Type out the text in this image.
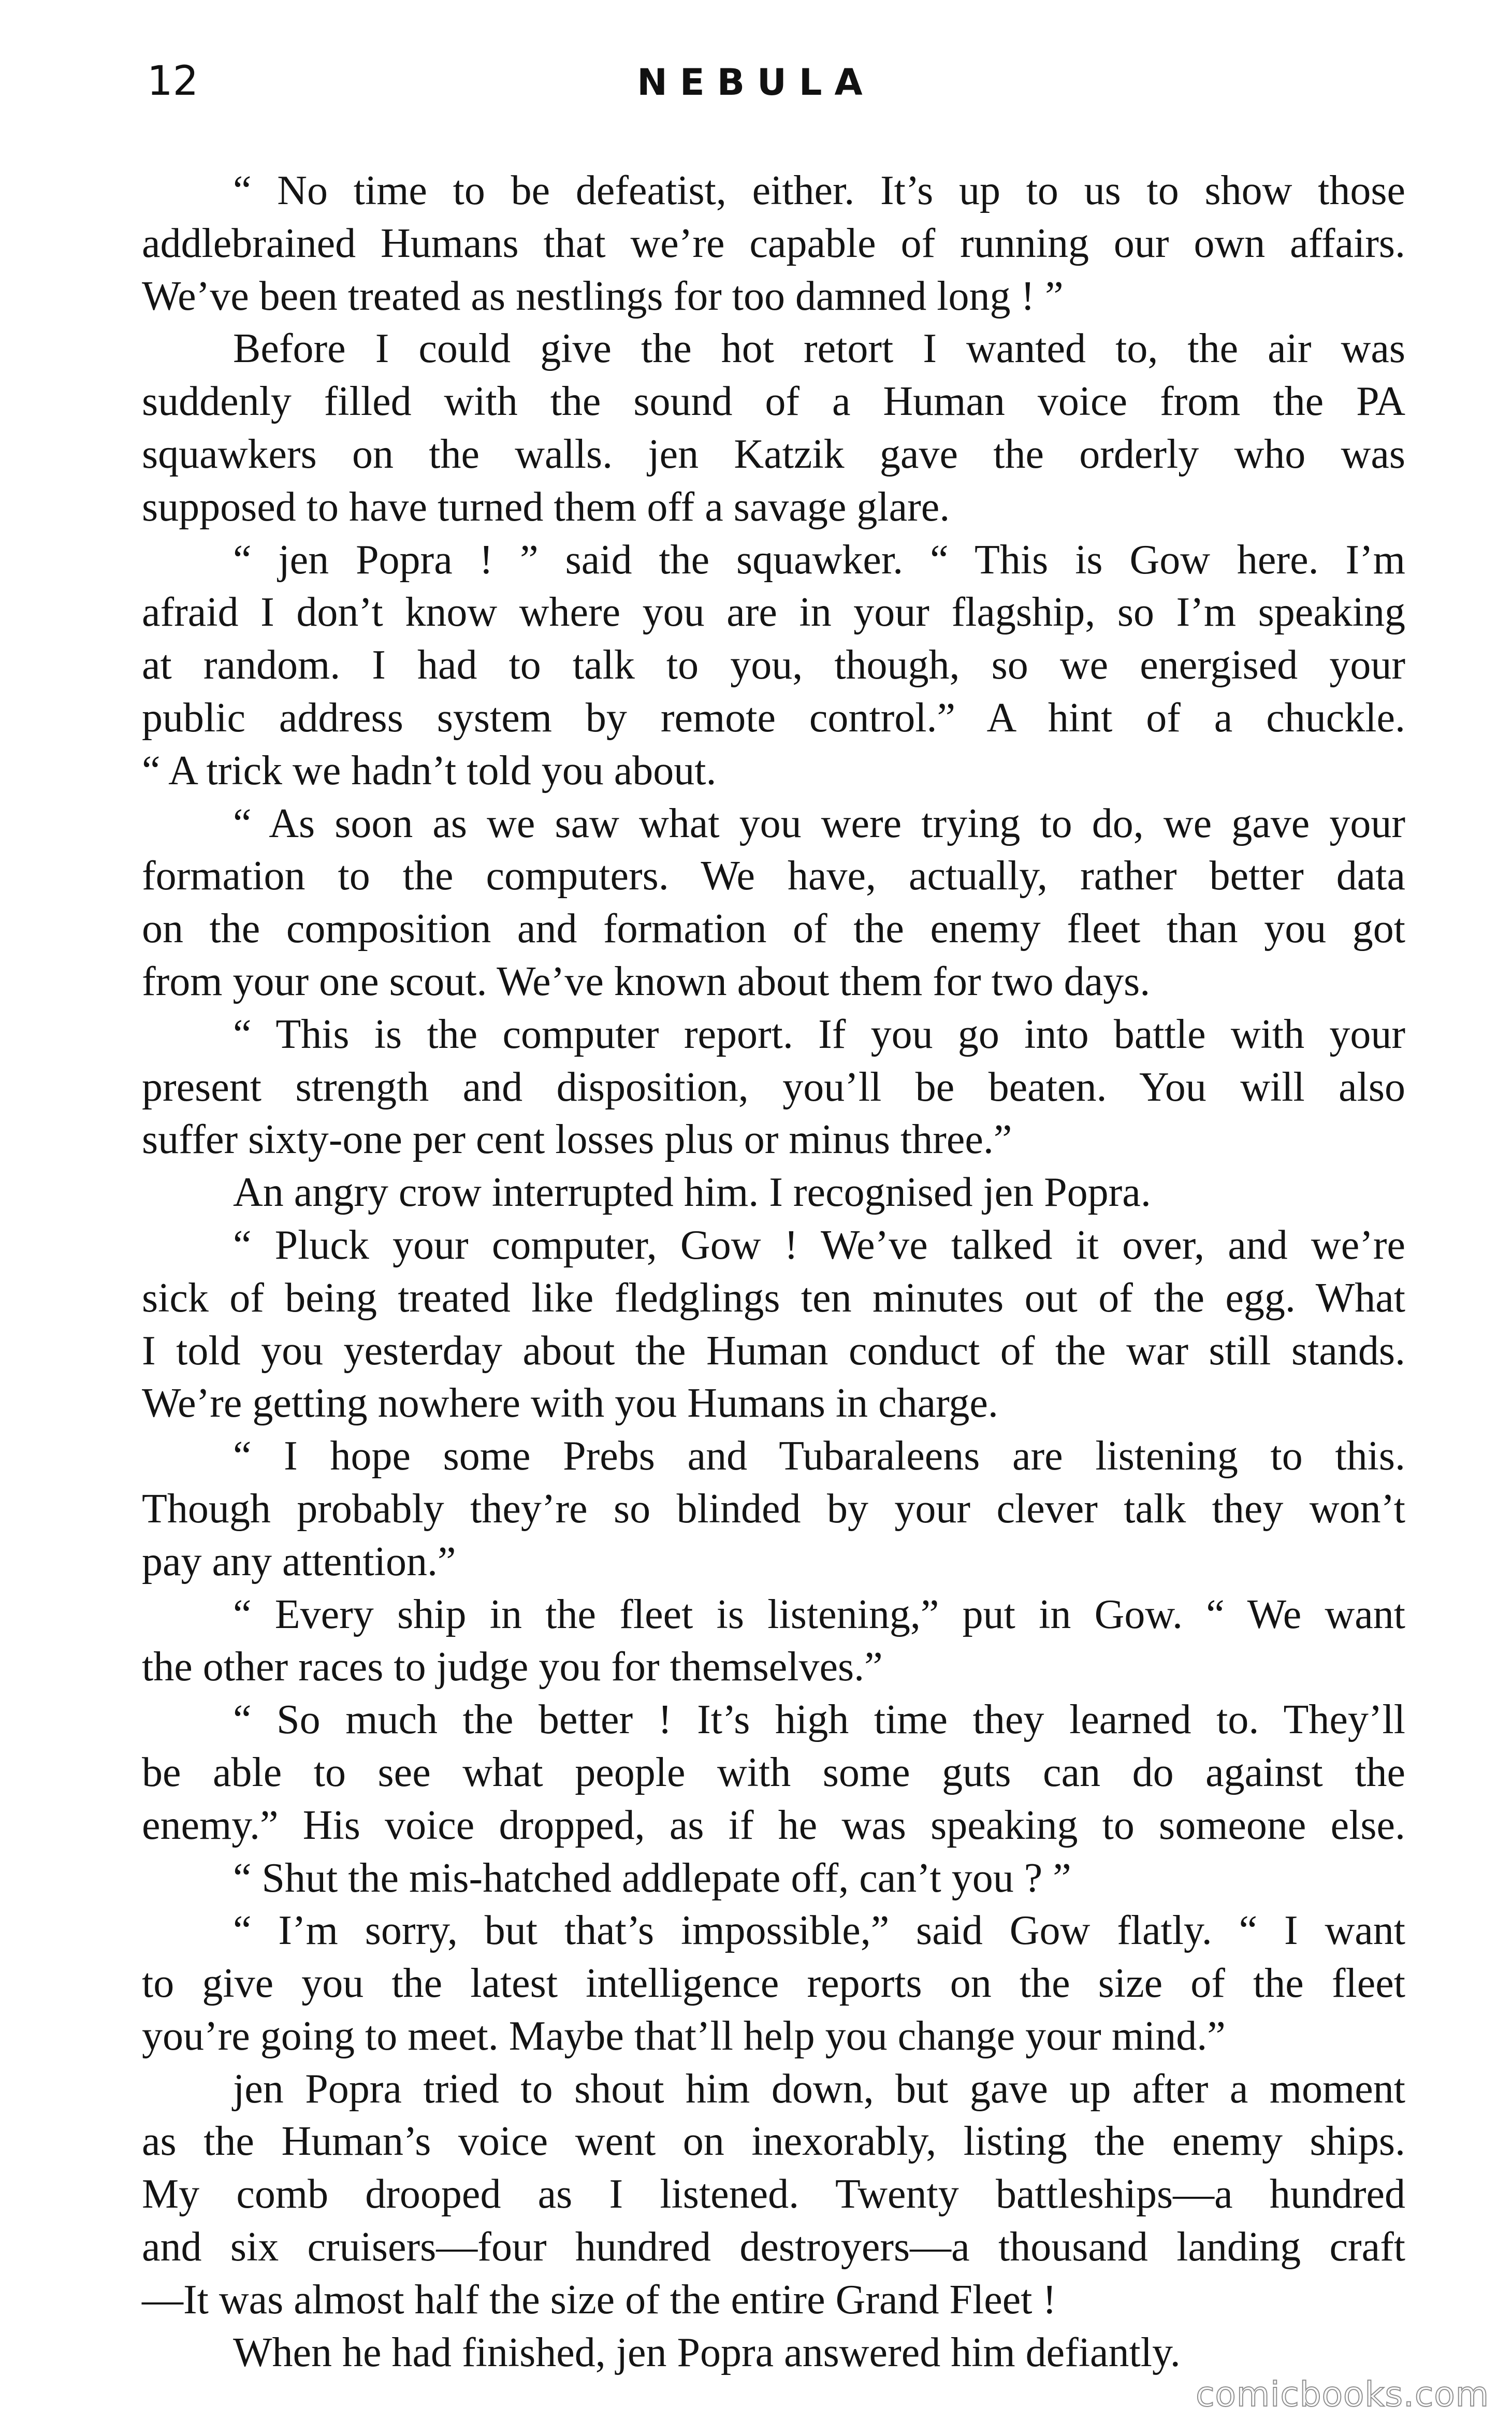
12	NEBULA
“ No time to be defeatist, either. It’s up to us to show those
addlebrained Humans that we’re capable of running our own affairs.
We’ve been treated as nestlings for too damned long ! ”
Before I could give the hot retort I wanted to, the air was
suddenly filled with the sound of a Human voice from the PA
squawkers on the walls. jen Katzik gave the orderly who was
supposed to have turned them off a savage glare.
“ jen Popra ! ” said the squawker. “ This is Gow here. I’m
afraid I don’t know where you are in your flagship, so I’m speaking
at random. I had to talk to you, though, so we energised your
public address system by remote control.” A hint of a chuckle.
“ A trick we hadn’t told you about.
“ As soon as we saw what you were trying to do, we gave your
formation to the computers. We have, actually, rather better data
on the composition and formation of the enemy fleet than you got
from your one scout. We’ve known about them for two days.
“ This is the computer report. If you go into battle with your
present strength and disposition, you’ll be beaten. You will also
suffer sixty-one per cent losses plus or minus three.”
An angry crow interrupted him. I recognised jen Popra.
“ Pluck your computer, Gow ! We’ve talked it over, and we’re
sick of being treated like fledglings ten minutes out of the egg. What
I told you yesterday about the Human conduct of the war still stands.
We’re getting nowhere with you Humans in charge.
“ I hope some Prebs and Tubaraleens are listening to this.
Though probably they’re so blinded by your clever talk they won’t
pay any attention.”
“ Every ship in the fleet is listening,” put in Gow. “ We want
the other races to judge you for themselves.”
“ So much the better ! It’s high time they learned to. They’ll
be able to see what people with some guts can do against the
enemy.” His voice dropped, as if he was speaking to someone else.
“ Shut the mis-hatched addlepate off, can’t you ? ”
“ I’m sorry, but that’s impossible,” said Gow flatly. “ I want
to give you the latest intelligence reports on the size of the fleet
you’re going to meet. Maybe that’ll help you change your mind.”
jen Popra tried to shout him down, but gave up after a moment
as the Human’s voice went on inexorably, listing the enemy ships.
My comb drooped as I listened. Twenty battleships—a hundred
and six cruisers—four hundred destroyers—a thousand landing craft
—It was almost half the size of the entire Grand Fleet !
When he had finished, jen Popra answered him defiantly.
comicbooks.com
